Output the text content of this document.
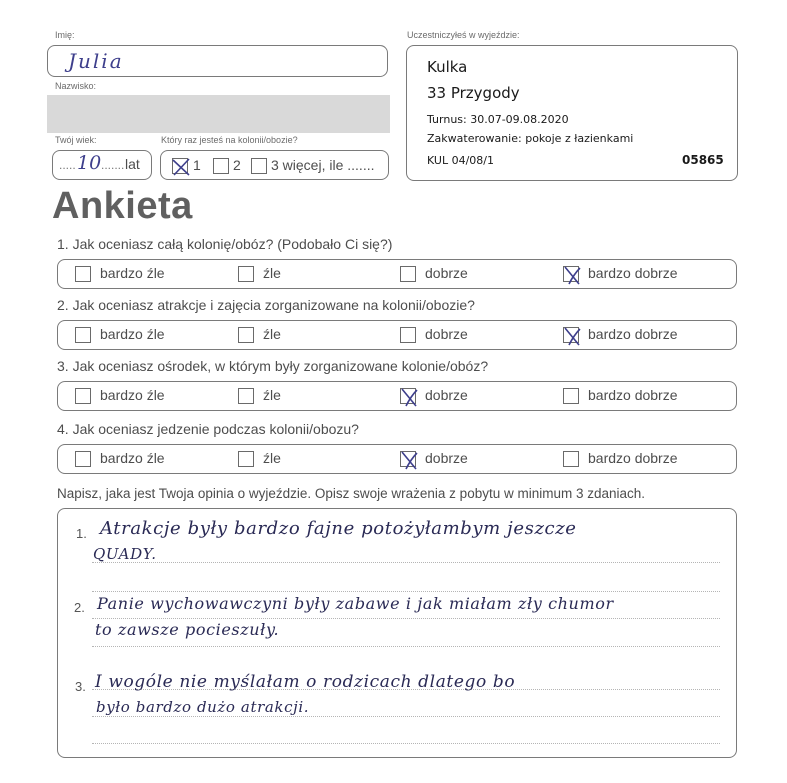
Imię:
Julia
Nazwisko:
Twój wiek:
..... 10 ....... lat
Który raz jesteś na kolonii/obozie?
1 2 3 więcej, ile .......
Uczestniczyłeś w wyjeździe:
Kulka
33 Przygody
Turnus: 30.07-09.08.2020
Zakwaterowanie: pokoje z łazienkami
KUL 04/08/1	05865
Ankieta
1. Jak oceniasz całą kolonię/obóz? (Podobało Ci się?)
bardzo źle	źle	dobrze	bardzo dobrze
2. Jak oceniasz atrakcje i zajęcia zorganizowane na kolonii/obozie?
bardzo źle	źle	dobrze	bardzo dobrze
3. Jak oceniasz ośrodek, w którym były zorganizowane kolonie/obóz?
bardzo źle	źle	dobrze	bardzo dobrze
4. Jak oceniasz jedzenie podczas kolonii/obozu?
bardzo źle	źle	dobrze	bardzo dobrze
Napisz, jaka jest Twoja opinia o wyjeździe. Opisz swoje wrażenia z pobytu w minimum 3 zdaniach.
1. Atrakcje były bardzo fajne potożyłambym jeszcze
QUADY.
2. Panie wychowawczyni były zabawe i jak miałam zły chumor
to zawsze pocieszuły.
3. I wogóle nie myślałam o rodzicach dlatego bo
było bardzo dużo atrakcji.
